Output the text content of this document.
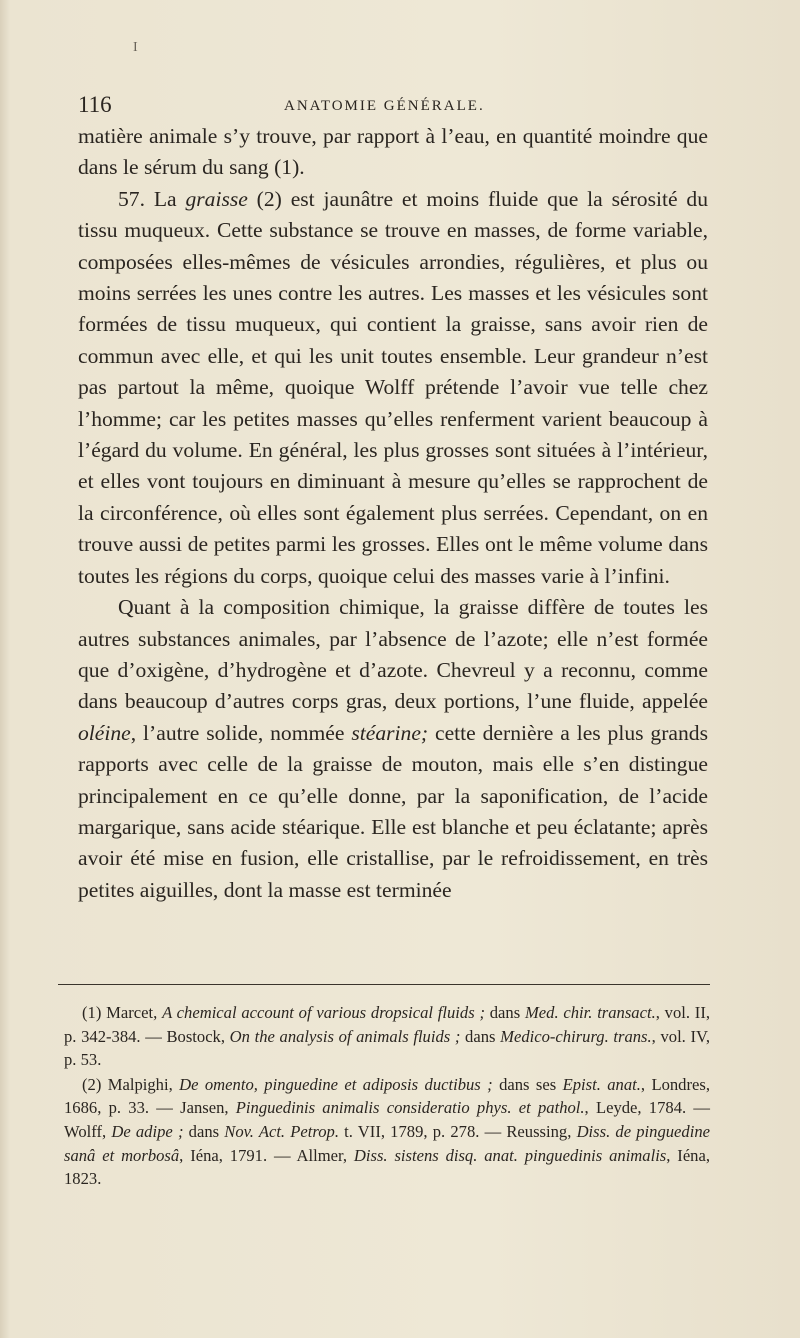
I
116	ANATOMIE GÉNÉRALE.

matière animale s’y trouve, par rapport à l’eau, en quantité moindre que dans le sérum du sang (1).

57. La graisse (2) est jaunâtre et moins fluide que la sérosité du tissu muqueux. Cette substance se trouve en masses, de forme variable, composées elles-mêmes de vésicules arrondies, régulières, et plus ou moins serrées les unes contre les autres. Les masses et les vésicules sont formées de tissu muqueux, qui contient la graisse, sans avoir rien de commun avec elle, et qui les unit toutes ensemble. Leur grandeur n’est pas partout la même, quoique Wolff prétende l’avoir vue telle chez l’homme; car les petites masses qu’elles renferment varient beaucoup à l’égard du volume. En général, les plus grosses sont situées à l’intérieur, et elles vont toujours en diminuant à mesure qu’elles se rapprochent de la circonférence, où elles sont également plus serrées. Cependant, on en trouve aussi de petites parmi les grosses. Elles ont le même volume dans toutes les régions du corps, quoique celui des masses varie à l’infini.

Quant à la composition chimique, la graisse diffère de toutes les autres substances animales, par l’absence de l’azote; elle n’est formée que d’oxigène, d’hydrogène et d’azote. Chevreul y a reconnu, comme dans beaucoup d’autres corps gras, deux portions, l’une fluide, appelée oléine, l’autre solide, nommée stéarine; cette dernière a les plus grands rapports avec celle de la graisse de mouton, mais elle s’en distingue principalement en ce qu’elle donne, par la saponification, de l’acide margarique, sans acide stéarique. Elle est blanche et peu éclatante; après avoir été mise en fusion, elle cristallise, par le refroidissement, en très petites aiguilles, dont la masse est terminée

(1) Marcet, A chemical account of various dropsical fluids ; dans Med. chir. transact., vol. II, p. 342-384. — Bostock, On the analysis of animals fluids ; dans Medico-chirurg. trans., vol. IV, p. 53.

(2) Malpighi, De omento, pinguedine et adiposis ductibus ; dans ses Epist. anat., Londres, 1686, p. 33. — Jansen, Pinguedinis animalis consideratio phys. et pathol., Leyde, 1784. — Wolff, De adipe ; dans Nov. Act. Petrop. t. VII, 1789, p. 278. — Reussing, Diss. de pinguedine sanâ et morbosâ, Iéna, 1791. — Allmer, Diss. sistens disq. anat. pinguedinis animalis, Iéna, 1823.
